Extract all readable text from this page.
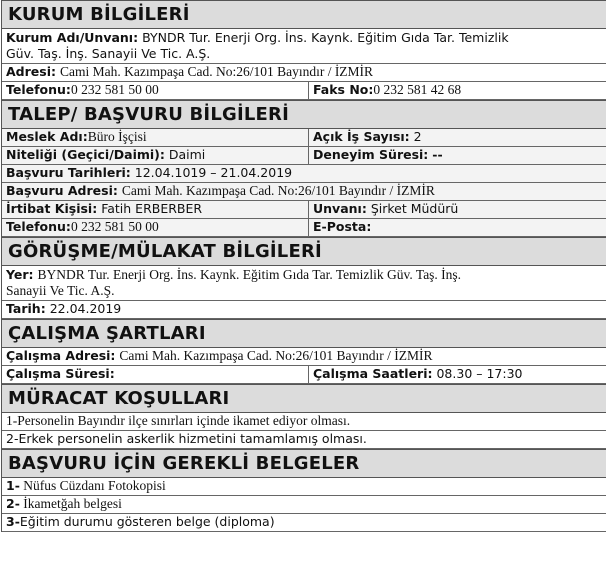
KURUM BİLGİLERİ
Kurum Adı/Unvanı: BYNDR Tur. Enerji Org. İns. Kaynk. Eğitim Gıda Tar. Temizlik
Güv. Taş. İnş. Sanayii Ve Tic. A.Ş.
Adresi: Cami Mah. Kazımpaşa Cad. No:26/101 Bayındır / İZMİR
Telefonu:0 232 581 50 00	Faks No:0 232 581 42 68
TALEP/ BAŞVURU BİLGİLERİ
Meslek Adı:Büro İşçisi	Açık İş Sayısı: 2
Niteliği (Geçici/Daimi): Daimi	Deneyim Süresi: --
Başvuru Tarihleri: 12.04.1019 – 21.04.2019
Başvuru Adresi: Cami Mah. Kazımpaşa Cad. No:26/101 Bayındır / İZMİR
İrtibat Kişisi: Fatih ERBERBER	Unvanı: Şirket Müdürü
Telefonu:0 232 581 50 00	E-Posta:
GÖRÜŞME/MÜLAKAT BİLGİLERİ
Yer: BYNDR Tur. Enerji Org. İns. Kaynk. Eğitim Gıda Tar. Temizlik Güv. Taş. İnş.
Sanayii Ve Tic. A.Ş.
Tarih: 22.04.2019
ÇALIŞMA ŞARTLARI
Çalışma Adresi: Cami Mah. Kazımpaşa Cad. No:26/101 Bayındır / İZMİR
Çalışma Süresi:	Çalışma Saatleri: 08.30 – 17:30
MÜRACAT KOŞULLARI
1-Personelin Bayındır ilçe sınırları içinde ikamet ediyor olması.
2-Erkek personelin askerlik hizmetini tamamlamış olması.
BAŞVURU İÇİN GEREKLİ BELGELER
1- Nüfus Cüzdanı Fotokopisi
2- İkametğah belgesi
3-Eğitim durumu gösteren belge (diploma)
